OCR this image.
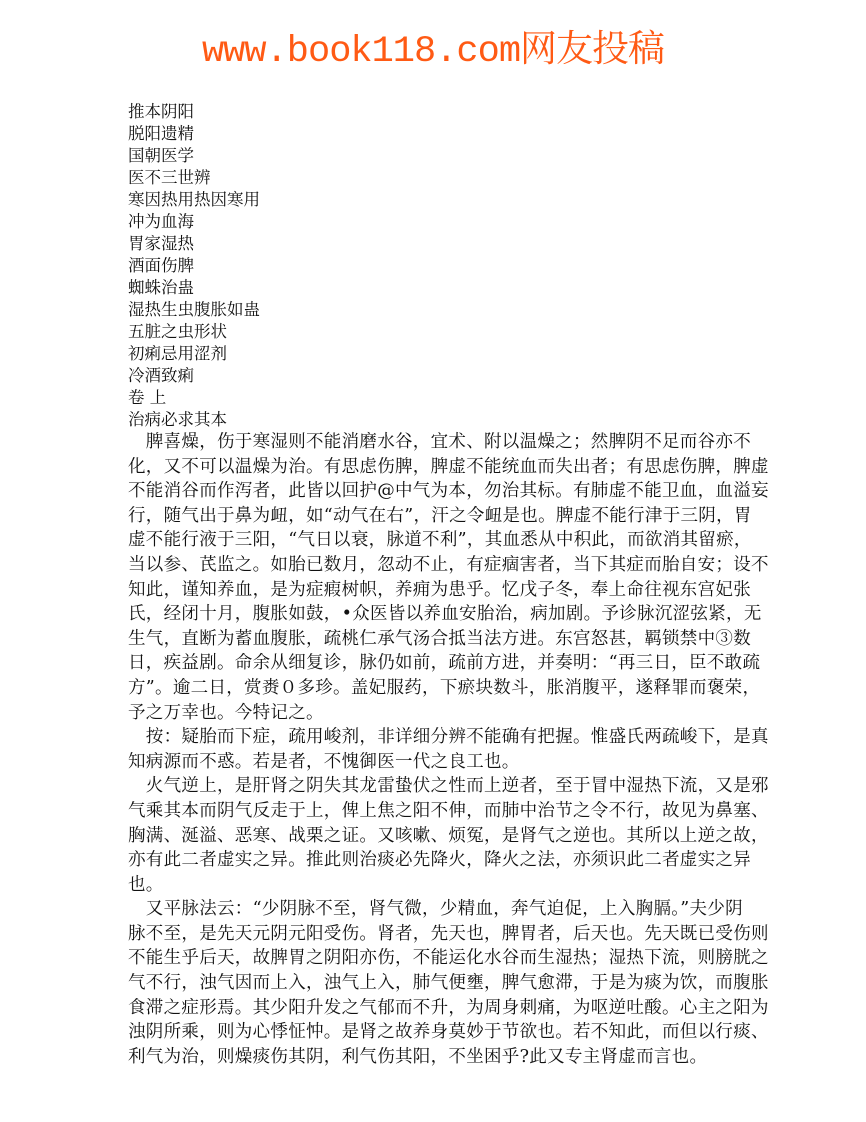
www.book118.com网友投稿
推本阴阳
脱阳遗精
国朝医学
医不三世辨
寒因热用热因寒用
冲为血海
胃家湿热
酒面伤脾
蜘蛛治蛊
湿热生虫腹胀如蛊
五脏之虫形状
初痢忌用涩剂
冷酒致痢
卷 上
治病必求其本
　脾喜燥，伤于寒湿则不能消磨水谷，宜术、附以温燥之；然脾阴不足而谷亦不
化，又不可以温燥为治。有思虑伤脾，脾虚不能统血而失出者；有思虑伤脾，脾虚
不能消谷而作泻者，此皆以回护@中气为本，勿治其标。有肺虚不能卫血，血溢妄
行，随气出于鼻为衄，如“动气在右”，汗之令衄是也。脾虚不能行津于三阴，胃
虚不能行液于三阳，“气日以衰，脉道不利”，其血悉从中积此，而欲消其留瘀，
当以参、芪监之。如胎已数月，忽动不止，有症痼害者，当下其症而胎自安；设不
知此，谨知养血，是为症瘕树帜，养痈为患乎。忆戊子冬，奉上命往视东宫妃张
氏，经闭十月，腹胀如鼓，•众医皆以养血安胎治，病加剧。予诊脉沉涩弦紧，无
生气，直断为蓄血腹胀，疏桃仁承气汤合抵当法方进。东宫怒甚，羁锁禁中③数
日，疾益剧。命余从细复诊，脉仍如前，疏前方进，并奏明：“再三日，臣不敢疏
方”。逾二日，赏赉０多珍。盖妃服药，下瘀块数斗，胀消腹平，遂释罪而褒荣，
予之万幸也。今特记之。
　按：疑胎而下症，疏用峻剂，非详细分辨不能确有把握。惟盛氏两疏峻下，是真
知病源而不惑。若是者，不愧御医一代之良工也。
　火气逆上，是肝肾之阴失其龙雷蛰伏之性而上逆者，至于冒中湿热下流，又是邪
气乘其本而阴气反走于上，俾上焦之阳不伸，而肺中治节之令不行，故见为鼻塞、
胸满、涎溢、恶寒、战栗之证。又咳嗽、烦冤，是肾气之逆也。其所以上逆之故，
亦有此二者虚实之异。推此则治痰必先降火，降火之法，亦须识此二者虚实之异
也。
　又平脉法云：“少阴脉不至，肾气微，少精血，奔气迫促，上入胸膈。”夫少阴
脉不至，是先天元阴元阳受伤。肾者，先天也，脾胃者，后天也。先天既已受伤则
不能生乎后天，故脾胃之阴阳亦伤，不能运化水谷而生湿热；湿热下流，则膀胱之
气不行，浊气因而上入，浊气上入，肺气便壅，脾气愈滞，于是为痰为饮，而腹胀
食滞之症形焉。其少阳升发之气郁而不升，为周身刺痛，为呕逆吐酸。心主之阳为
浊阴所乘，则为心悸怔忡。是肾之故养身莫妙于节欲也。若不知此，而但以行痰、
利气为治，则燥痰伤其阴，利气伤其阳，不坐困乎?此又专主肾虚而言也。
